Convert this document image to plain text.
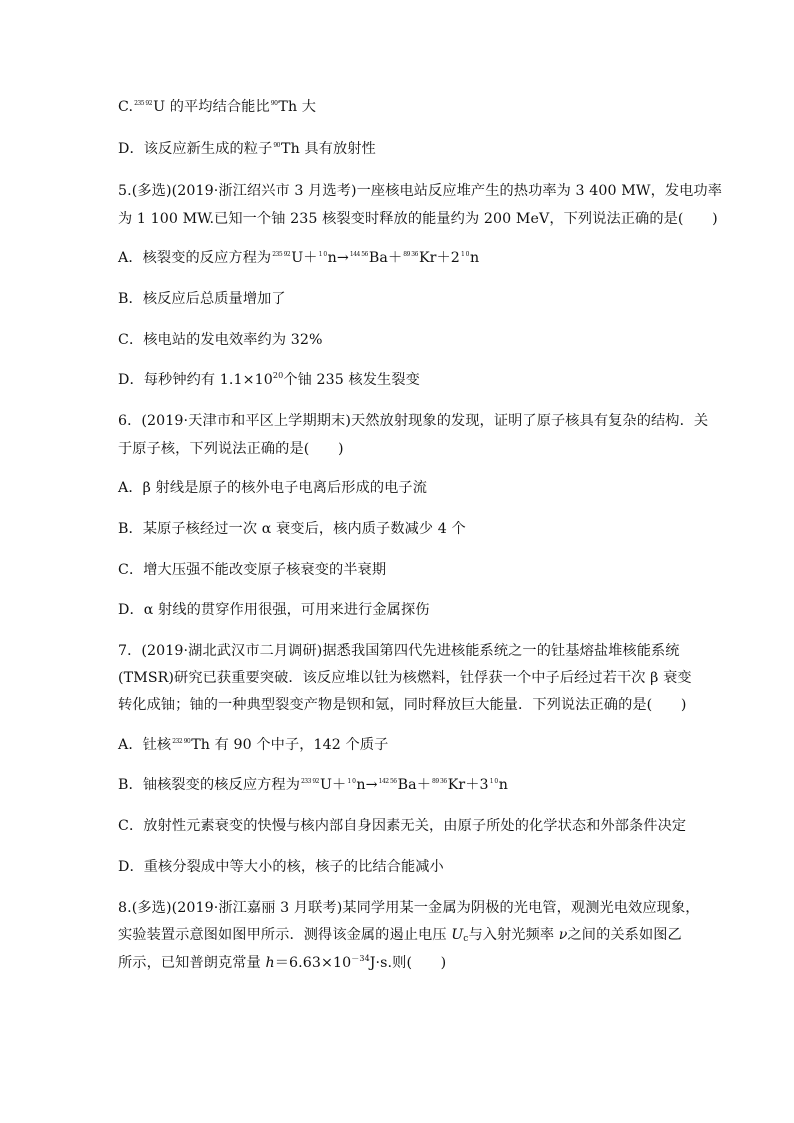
C.$^{235 92}$U 的平均结合能比$^{90}$Th 大
D．该反应新生成的粒子$^{90}$Th 具有放射性
5.(多选)(2019·浙江绍兴市 3 月选考)一座核电站反应堆产生的热功率为 3 400 MW，发电功率
为 1 100 MW.已知一个铀 235 核裂变时释放的能量约为 200 MeV，下列说法正确的是(　　)
A．核裂变的反应方程为$^{235 92}U+^{1 0}n\to^{144 56}Ba+^{89 36}Kr+2^{1 0}n$
B．核反应后总质量增加了
C．核电站的发电效率约为 32%
D．每秒钟约有 $1.1\times 10^{20}$个铀 235 核发生裂变
6．(2019·天津市和平区上学期期末)天然放射现象的发现，证明了原子核具有复杂的结构．关
于原子核，下列说法正确的是(　　)
A．β 射线是原子的核外电子电离后形成的电子流
B．某原子核经过一次 α 衰变后，核内质子数减少 4 个
C．增大压强不能改变原子核衰变的半衰期
D．α 射线的贯穿作用很强，可用来进行金属探伤
7．(2019·湖北武汉市二月调研)据悉我国第四代先进核能系统之一的钍基熔盐堆核能系统
(TMSR)研究已获重要突破．该反应堆以钍为核燃料，钍俘获一个中子后经过若干次 β 衰变
转化成铀；铀的一种典型裂变产物是钡和氪，同时释放巨大能量．下列说法正确的是(　　)
A．钍核$^{232 90}$Th 有 90 个中子，142 个质子
B．铀核裂变的核反应方程为$^{233 92}U+^{1 0}n\to^{142 56}Ba+^{89 36}Kr+3^{1 0}n$
C．放射性元素衰变的快慢与核内部自身因素无关，由原子所处的化学状态和外部条件决定
D．重核分裂成中等大小的核，核子的比结合能减小
8.(多选)(2019·浙江嘉丽 3 月联考)某同学用某一金属为阴极的光电管，观测光电效应现象，
实验装置示意图如图甲所示．测得该金属的遏止电压 $U_c$与入射光频率 ν之间的关系如图乙
所示，已知普朗克常量 $h=6.63\times 10^{-34}J\cdot s$.则(　　)
